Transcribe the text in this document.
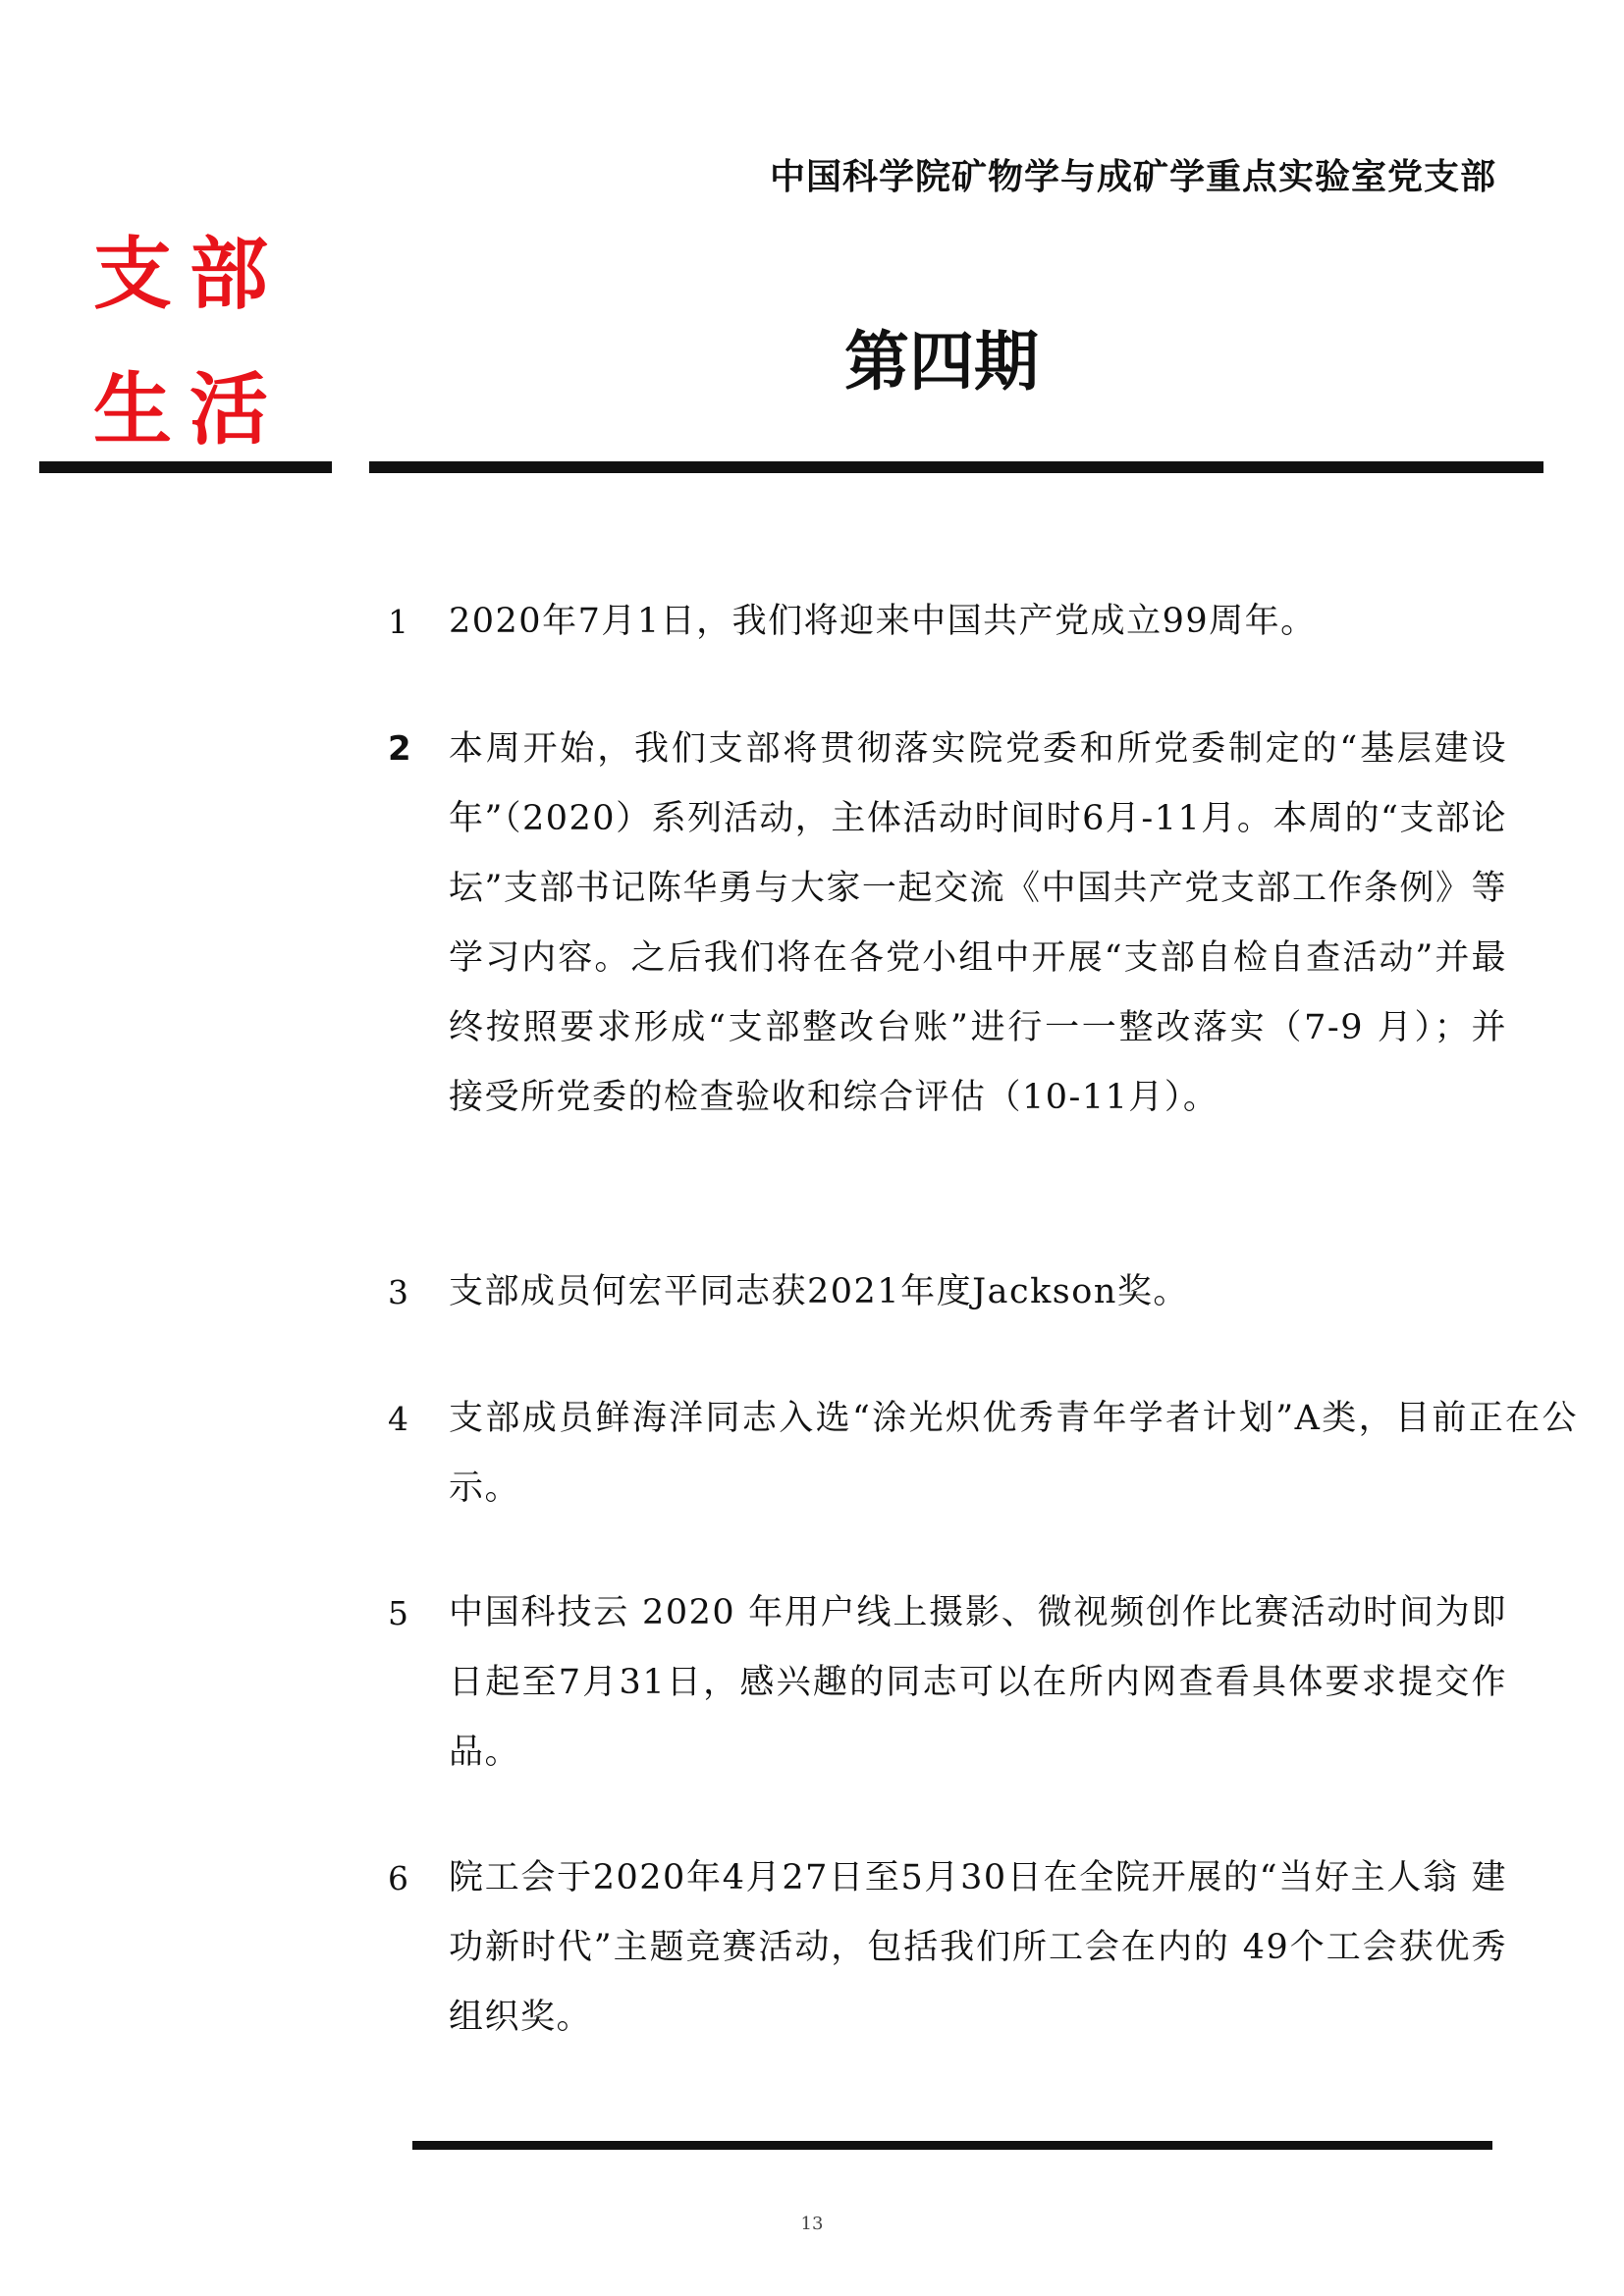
中国科学院矿物学与成矿学重点实验室党支部
支部
生活
第四期
1	2020年7月1日，我们将迎来中国共产党成立99周年。
2	本周开始，我们支部将贯彻落实院党委和所党委制定的“基层建设年”（2020）系列活动，主体活动时间时6月-11月。本周的“支部论坛”支部书记陈华勇与大家一起交流《中国共产党支部工作条例》等学习内容。之后我们将在各党小组中开展“支部自检自查活动”并最终按照要求形成“支部整改台账”进行一一整改落实（7-9 月）；并接受所党委的检查验收和综合评估（10-11月）。
3	支部成员何宏平同志获2021年度Jackson奖。
4	支部成员鲜海洋同志入选“涂光炽优秀青年学者计划”A类，目前正在公示。
5	中国科技云 2020 年用户线上摄影、微视频创作比赛活动时间为即日起至7月31日，感兴趣的同志可以在所内网查看具体要求提交作品。
6	院工会于2020年4月27日至5月30日在全院开展的“当好主人翁 建功新时代”主题竞赛活动，包括我们所工会在内的 49个工会获优秀组织奖。
13
